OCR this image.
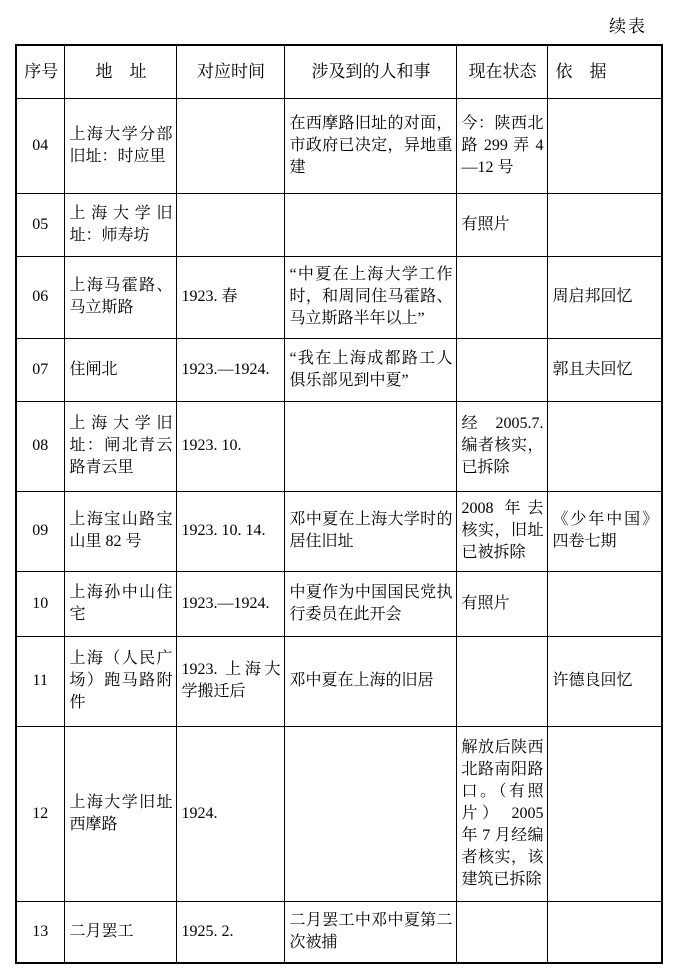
续表
序号	地　址	对应时间	涉及到的人和事	现在状态	依　据
04	上海大学分部旧址：时应里		在西摩路旧址的对面，市政府已决定，异地重建	今：陕西北路 299 弄 4—12 号	
05	上海大学旧址：师寿坊			有照片	
06	上海马霍路、马立斯路	1923. 春	“中夏在上海大学工作时，和周同住马霍路、马立斯路半年以上”		周启邦回忆
07	住闸北	1923.—1924.	“我在上海成都路工人俱乐部见到中夏”		郭且夫回忆
08	上海大学旧址：闸北青云路青云里	1923. 10.		经 2005.7. 编者核实，已拆除	
09	上海宝山路宝山里 82 号	1923. 10. 14.	邓中夏在上海大学时的居住旧址	2008 年去核实，旧址已被拆除	《少年中国》四卷七期
10	上海孙中山住宅	1923.—1924.	中夏作为中国国民党执行委员在此开会	有照片	
11	上海（人民广场）跑马路附件	1923. 上海大学搬迁后	邓中夏在上海的旧居		许德良回忆
12	上海大学旧址西摩路	1924.		解放后陕西北路南阳路口。（有照片） 2005 年 7 月经编者核实，该建筑已拆除	
13	二月罢工	1925. 2.	二月罢工中邓中夏第二次被捕		
